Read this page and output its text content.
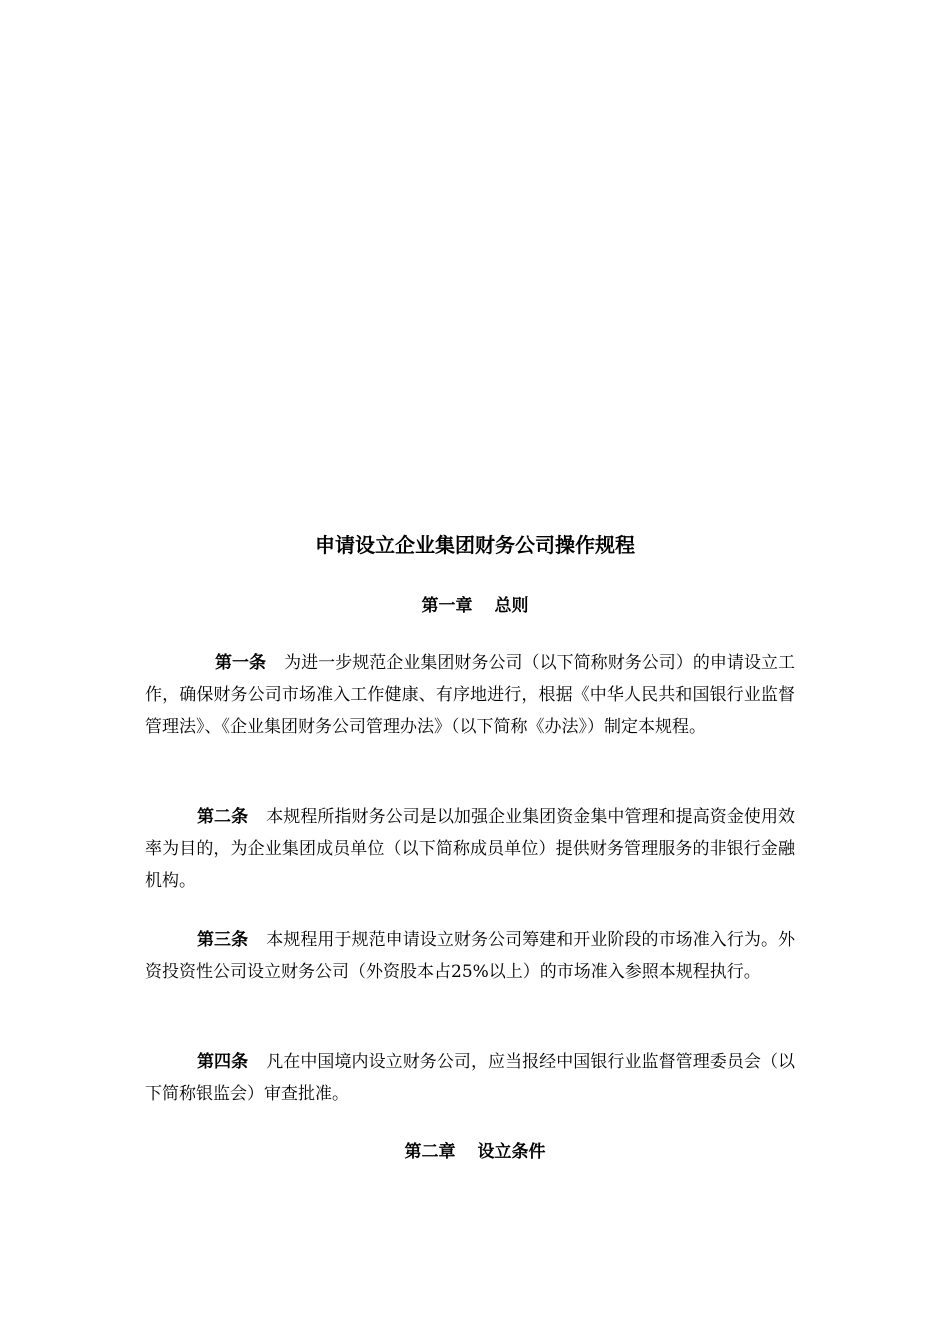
申请设立企业集团财务公司操作规程
第一章 总则

第一条 为进一步规范企业集团财务公司（以下简称财务公司）的申请设立工作，确保财务公司市场准入工作健康、有序地进行，根据《中华人民共和国银行业监督管理法》、《企业集团财务公司管理办法》（以下简称《办法》）制定本规程。

第二条 本规程所指财务公司是以加强企业集团资金集中管理和提高资金使用效率为目的，为企业集团成员单位（以下简称成员单位）提供财务管理服务的非银行金融机构。

第三条 本规程用于规范申请设立财务公司筹建和开业阶段的市场准入行为。外资投资性公司设立财务公司（外资股本占25%以上）的市场准入参照本规程执行。

第四条 凡在中国境内设立财务公司，应当报经中国银行业监督管理委员会（以下简称银监会）审查批准。

第二章 设立条件
